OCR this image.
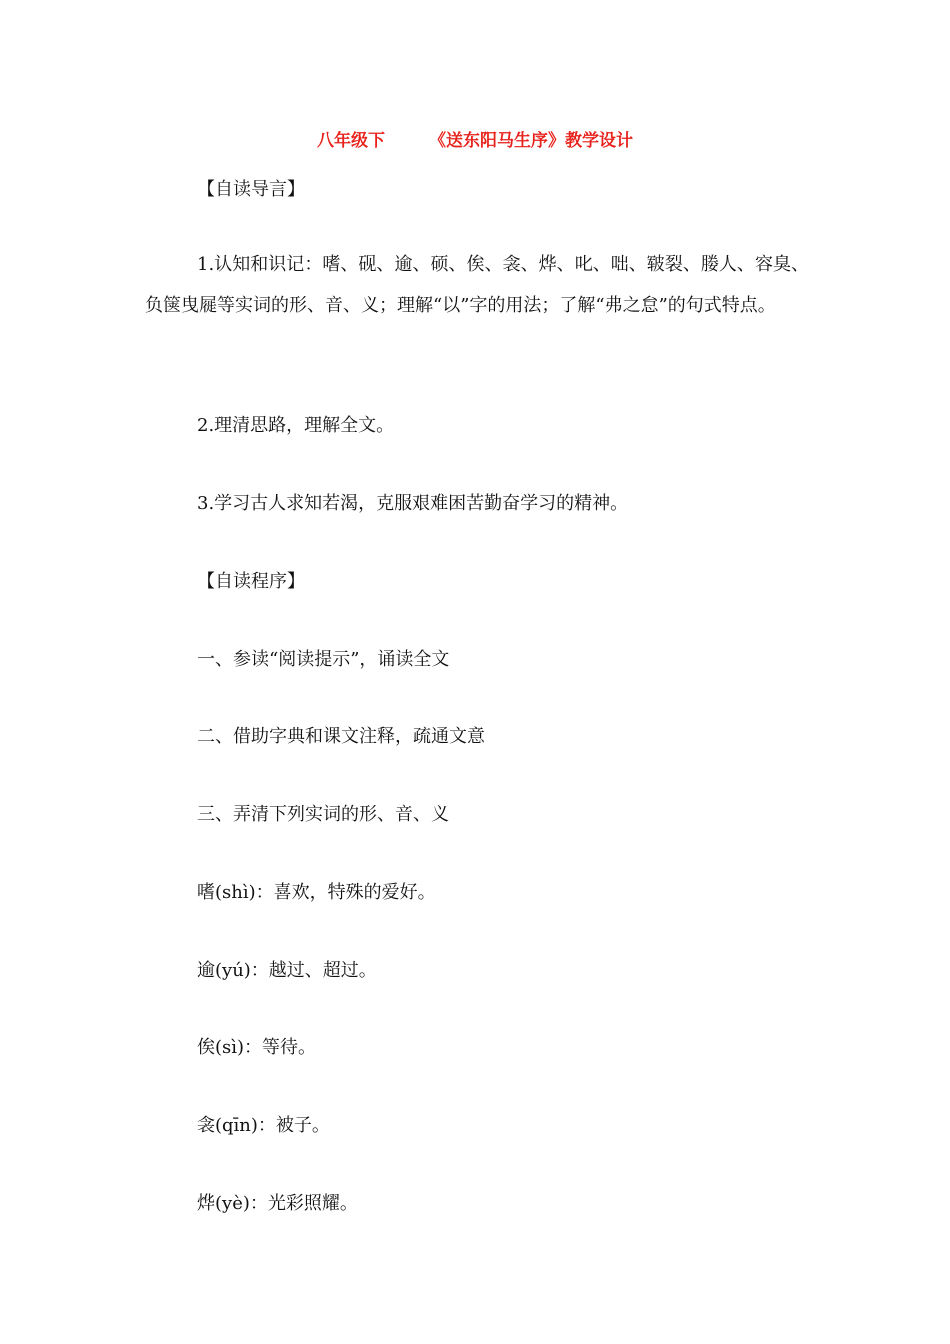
八年级下	《送东阳马生序》教学设计
【自读导言】
1.认知和识记：嗜、砚、逾、硕、俟、衾、烨、叱、咄、皲裂、媵人、容臭、负箧曳屣等实词的形、音、义；理解“以”字的用法；了解“弗之怠”的句式特点。
2.理清思路，理解全文。
3.学习古人求知若渴，克服艰难困苦勤奋学习的精神。
【自读程序】
一、参读“阅读提示”，诵读全文
二、借助字典和课文注释，疏通文意
三、弄清下列实词的形、音、义
嗜(shì)：喜欢，特殊的爱好。
逾(yú)：越过、超过。
俟(sì)：等待。
衾(qīn)：被子。
烨(yè)：光彩照耀。
